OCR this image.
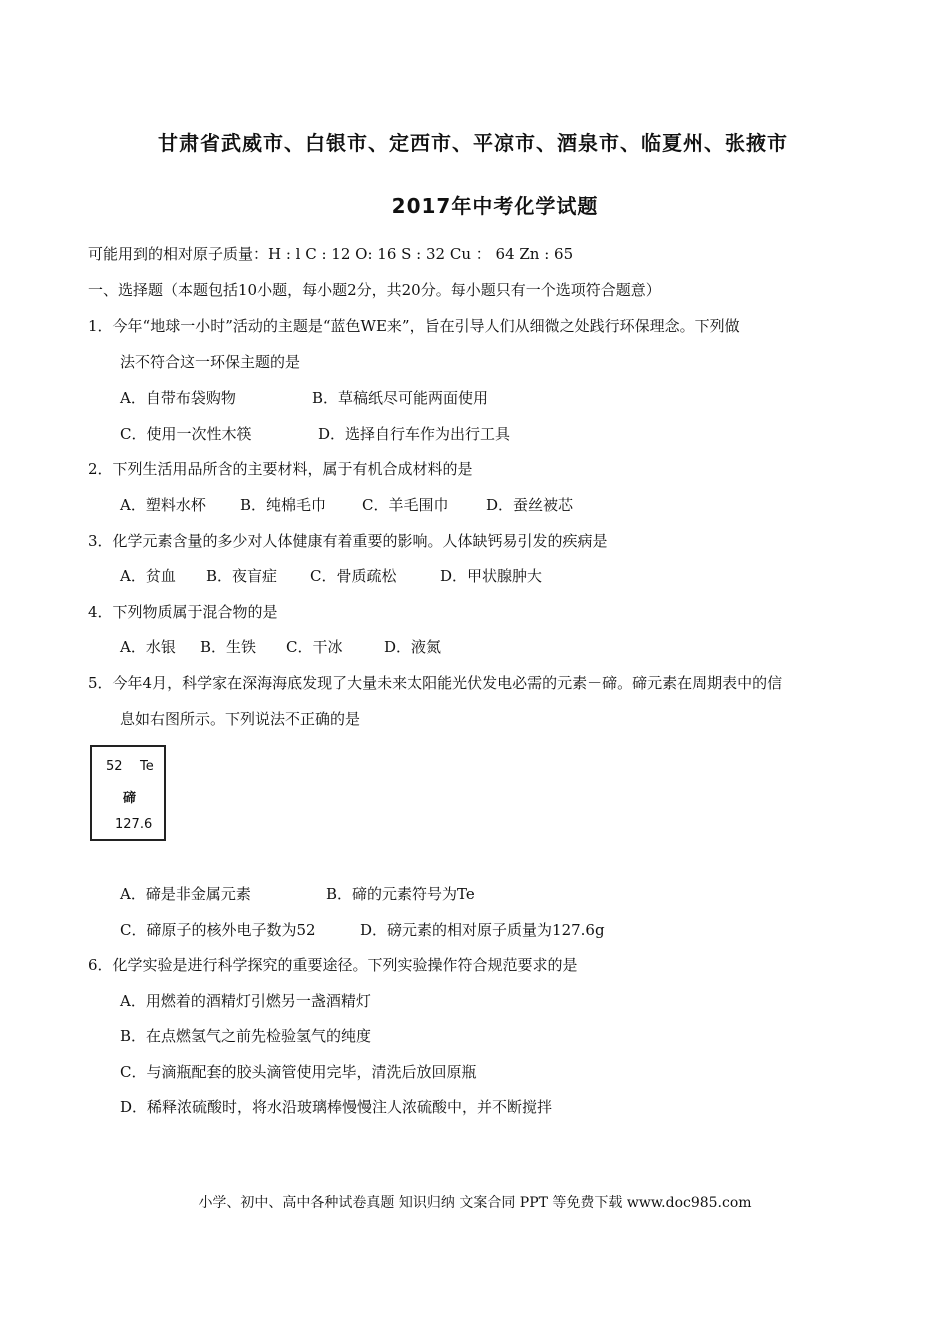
甘肃省武威市、白银市、定西市、平凉市、酒泉市、临夏州、张掖市
2017年中考化学试题
可能用到的相对原子质量：H : l C : 12 O: 16 S : 32 Cu ： 64 Zn : 65
一、选择题（本题包括10小题，每小题2分，共20分。每小题只有一个选项符合题意）
1．今年“地球一小时”活动的主题是“蓝色WE来”，旨在引导人们从细微之处践行环保理念。下列做
法不符合这一环保主题的是
A．自带布袋购物	B．草稿纸尽可能两面使用
C．使用一次性木筷	D．选择自行车作为出行工具
2．下列生活用品所含的主要材料，属于有机合成材料的是
A．塑料水杯 B．纯棉毛巾 C．羊毛围巾	D．蚕丝被芯
3．化学元素含量的多少对人体健康有着重要的影响。人体缺钙易引发的疾病是
A．贫血 B．夜盲症 C．骨质疏松	D．甲状腺肿大
4．下列物质属于混合物的是
A．水银 B．生铁 C．干冰	D．液氮
5．今年4月，科学家在深海海底发现了大量未来太阳能光伏发电必需的元素－碲。碲元素在周期表中的信
息如右图所示。下列说法不正确的是
52 Te
碲
127.6
A．碲是非金属元素	B．碲的元素符号为Te
C．碲原子的核外电子数为52	D．磅元素的相对原子质量为127.6g
6．化学实验是进行科学探究的重要途径。下列实验操作符合规范要求的是
A．用燃着的酒精灯引燃另一盏酒精灯
B．在点燃氢气之前先检验氢气的纯度
C．与滴瓶配套的胶头滴管使用完毕，清洗后放回原瓶
D．稀释浓硫酸时，将水沿玻璃棒慢慢注人浓硫酸中，并不断搅拌
小学、初中、高中各种试卷真题 知识归纳 文案合同 PPT 等免费下载 www.doc985.com
